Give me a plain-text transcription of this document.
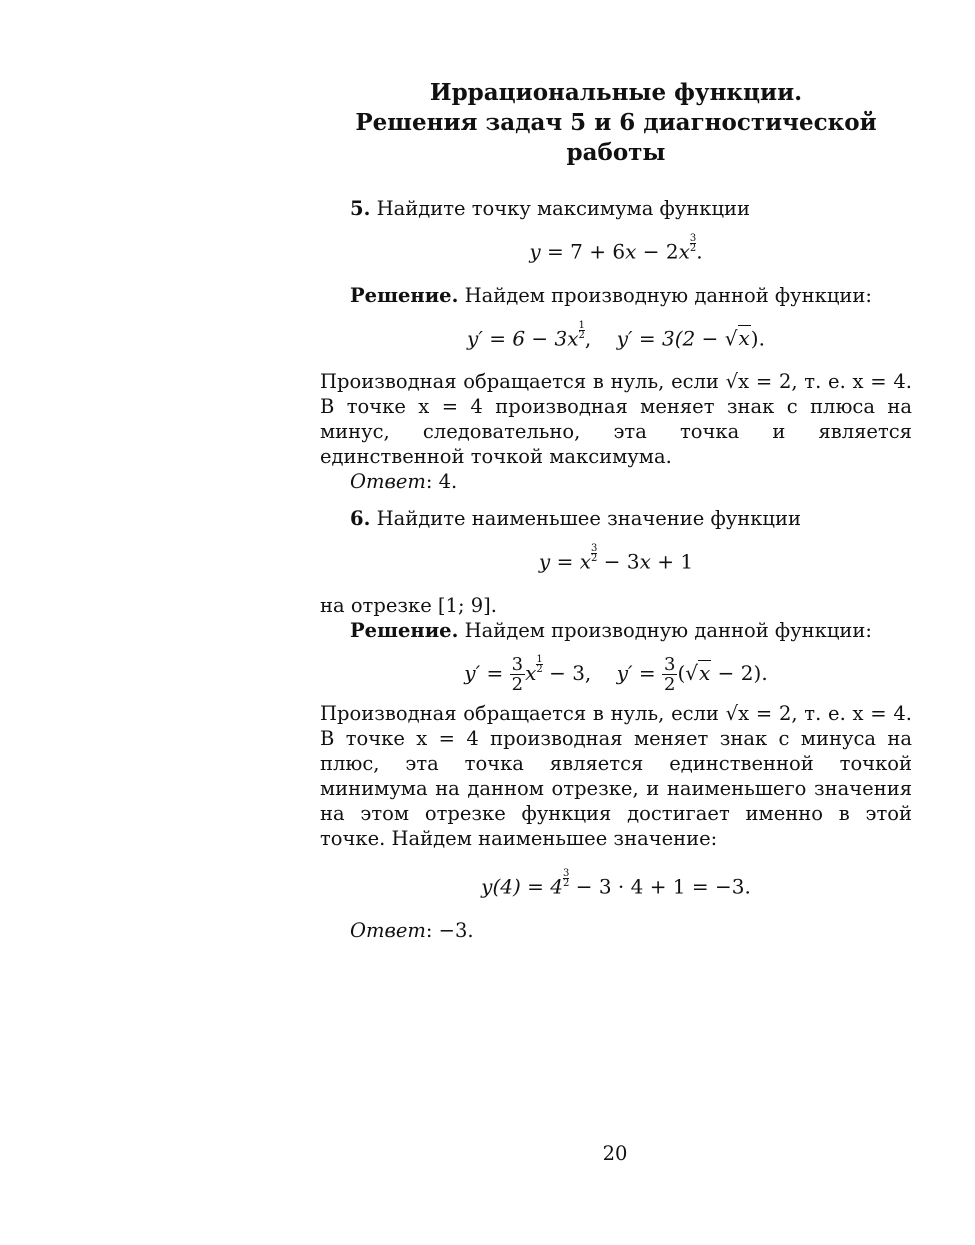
Иррациональные функции.
Решения задач 5 и 6 диагностической работы

5. Найдите точку максимума функции

$y = 7 + 6x - 2x \frac{3}{2}$ .

Решение. Найдем производную данной функции:

$y' = 6 - 3x \frac{1}{2}$ , y′ = 3(2 − √x).

Производная обращается в нуль, если √x = 2, т. е. x = 4. В точке x = 4 производная меняет знак с плюса на минус, следовательно, эта точка и является единственной точкой максимума.

Ответ: 4.

6. Найдите наименьшее значение функции

y = x $\frac{3}{2} - 3x + 1$

на отрезке [1; 9].

Решение. Найдем производную данной функции:

$y' = \frac{3}{2}$ x $\frac{1}{2} - 3$, $y' = \frac{3}{2} (√x - 2)$.

Производная обращается в нуль, если √x = 2, т. е. x = 4. В точке x = 4 производная меняет знак с минуса на плюс, эта точка является единственной точкой минимума на данном отрезке, и наименьшего значения на этом отрезке функция достигает именно в этой точке. Найдем наименьшее значение:

$y(4) = 4 \frac{3}{2} - 3 \cdot 4 + 1 = -3$.

Ответ: −3.

20
